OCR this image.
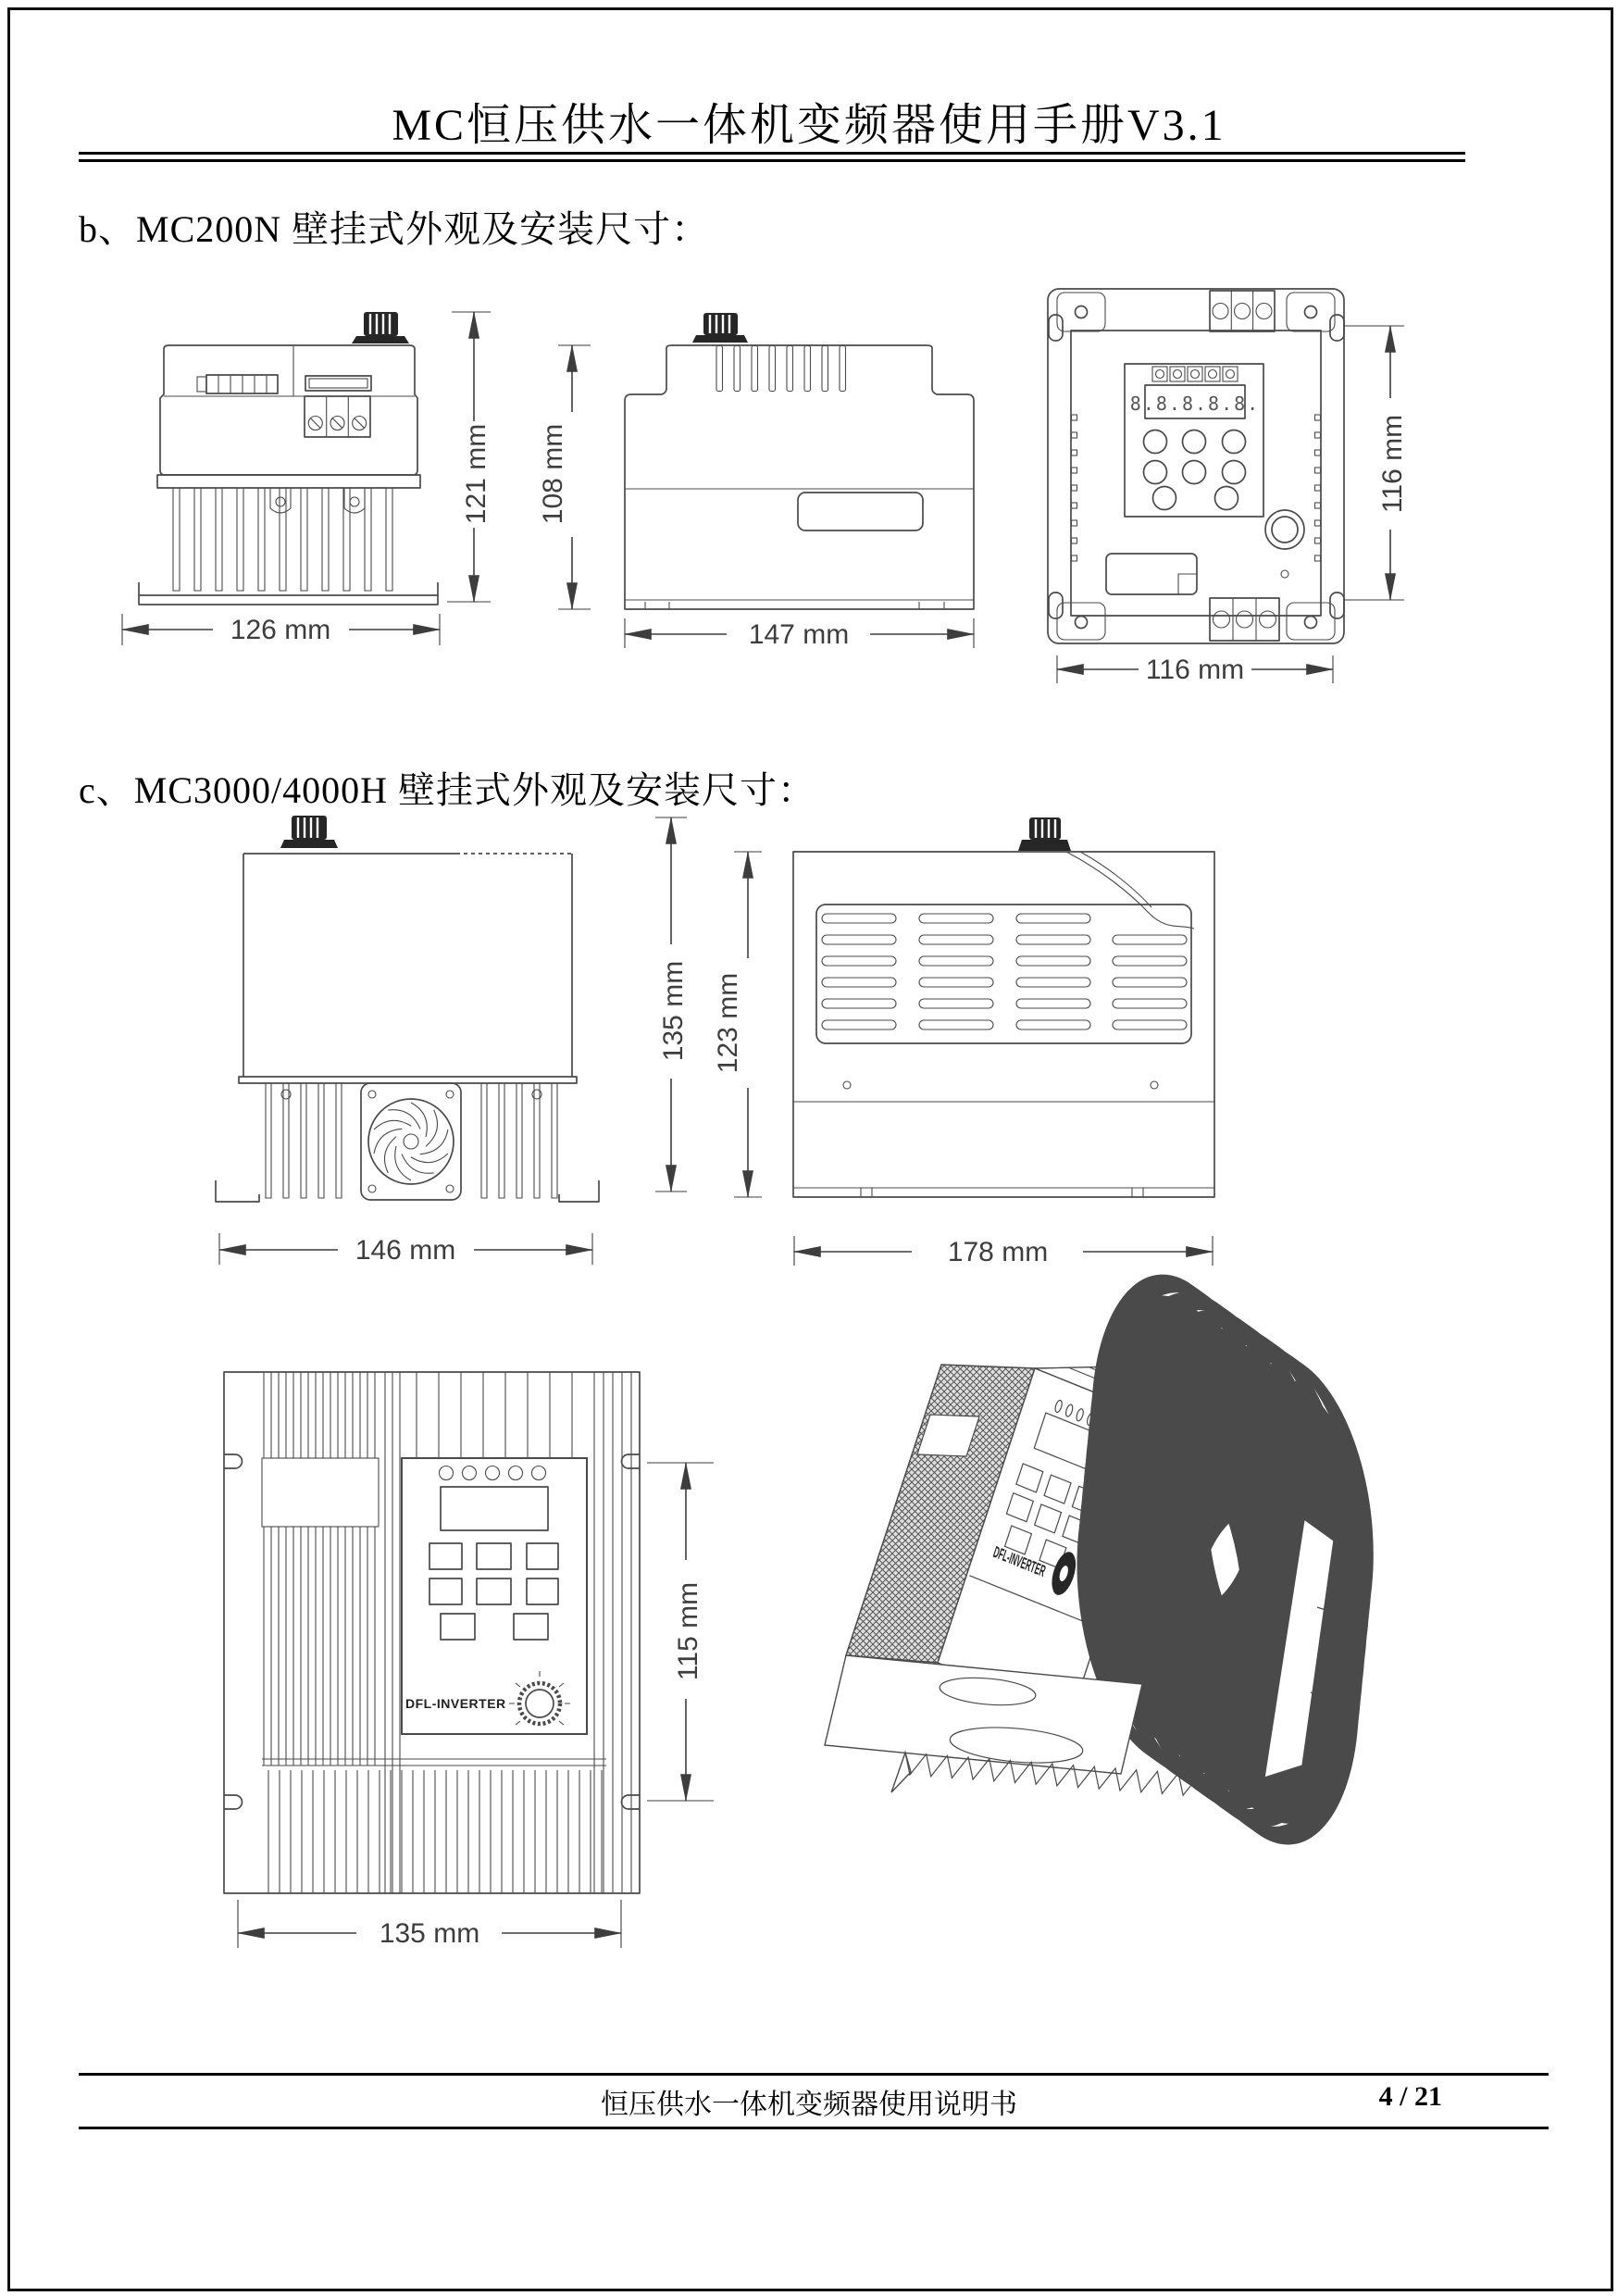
MC恒压供水一体机变频器使用手册V3.1
b、MC200N 壁挂式外观及安装尺寸：
126 mm
121 mm 108 mm
147 mm
8.8.8.8.8.
116 mm
116 mm
c、MC3000/4000H 壁挂式外观及安装尺寸：
146 mm
135 mm 123 mm
178 mm
DFL-INVERTER
135 mm
115 mm
恒压供水一体机变频器使用说明书	4 / 21
